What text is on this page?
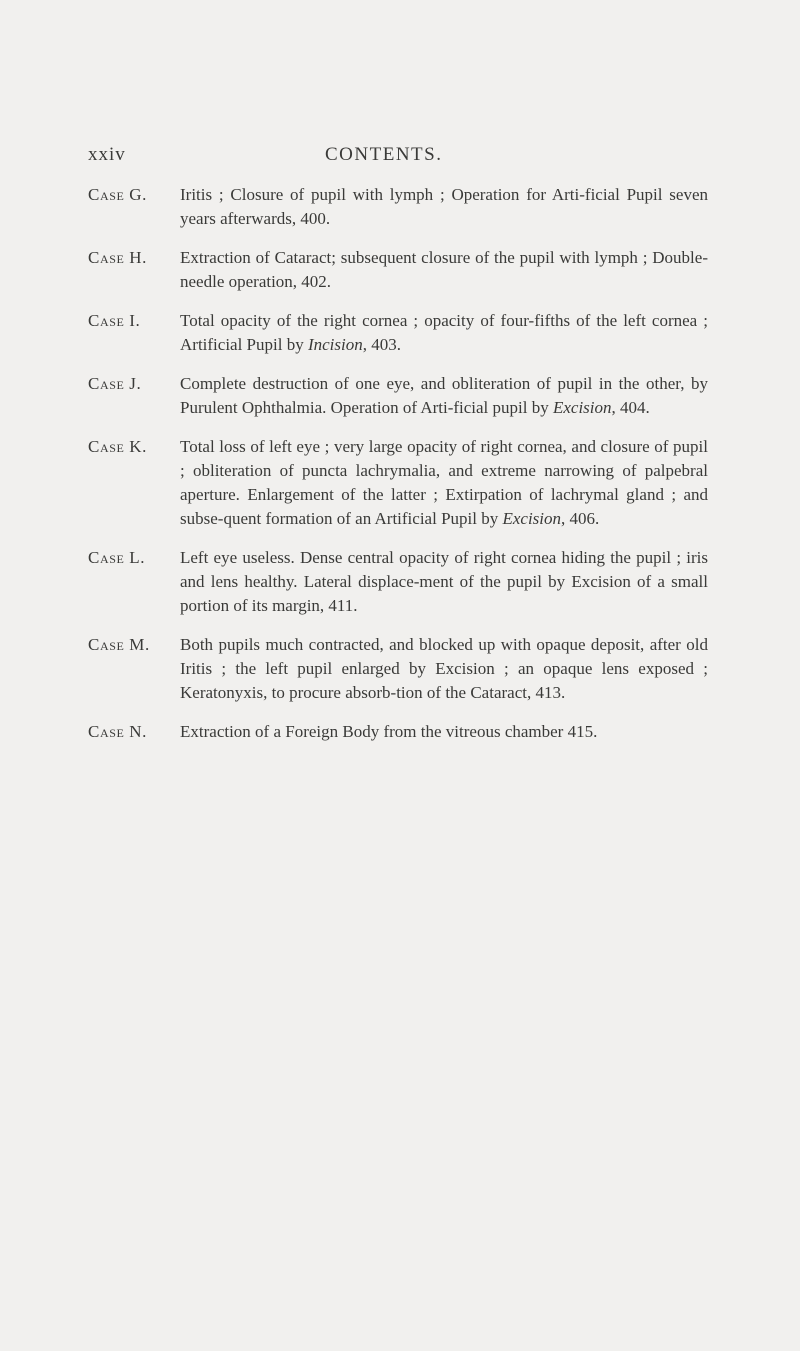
xxiv	CONTENTS.
Case G.	Iritis ; Closure of pupil with lymph ; Operation for Arti-ficial Pupil seven years afterwards, 400.
Case H.	Extraction of Cataract; subsequent closure of the pupil with lymph ; Double-needle operation, 402.
Case I.	Total opacity of the right cornea ; opacity of four-fifths of the left cornea ; Artificial Pupil by Incision, 403.
Case J.	Complete destruction of one eye, and obliteration of pupil in the other, by Purulent Ophthalmia. Operation of Arti-ficial pupil by Excision, 404.
Case K.	Total loss of left eye ; very large opacity of right cornea, and closure of pupil ; obliteration of puncta lachrymalia, and extreme narrowing of palpebral aperture. Enlargement of the latter ; Extirpation of lachrymal gland ; and subse-quent formation of an Artificial Pupil by Excision, 406.
Case L.	Left eye useless. Dense central opacity of right cornea hiding the pupil ; iris and lens healthy. Lateral displace-ment of the pupil by Excision of a small portion of its margin, 411.
Case M.	Both pupils much contracted, and blocked up with opaque deposit, after old Iritis ; the left pupil enlarged by Excision ; an opaque lens exposed ; Keratonyxis, to procure absorb-tion of the Cataract, 413.
Case N.	Extraction of a Foreign Body from the vitreous chamber 415.
